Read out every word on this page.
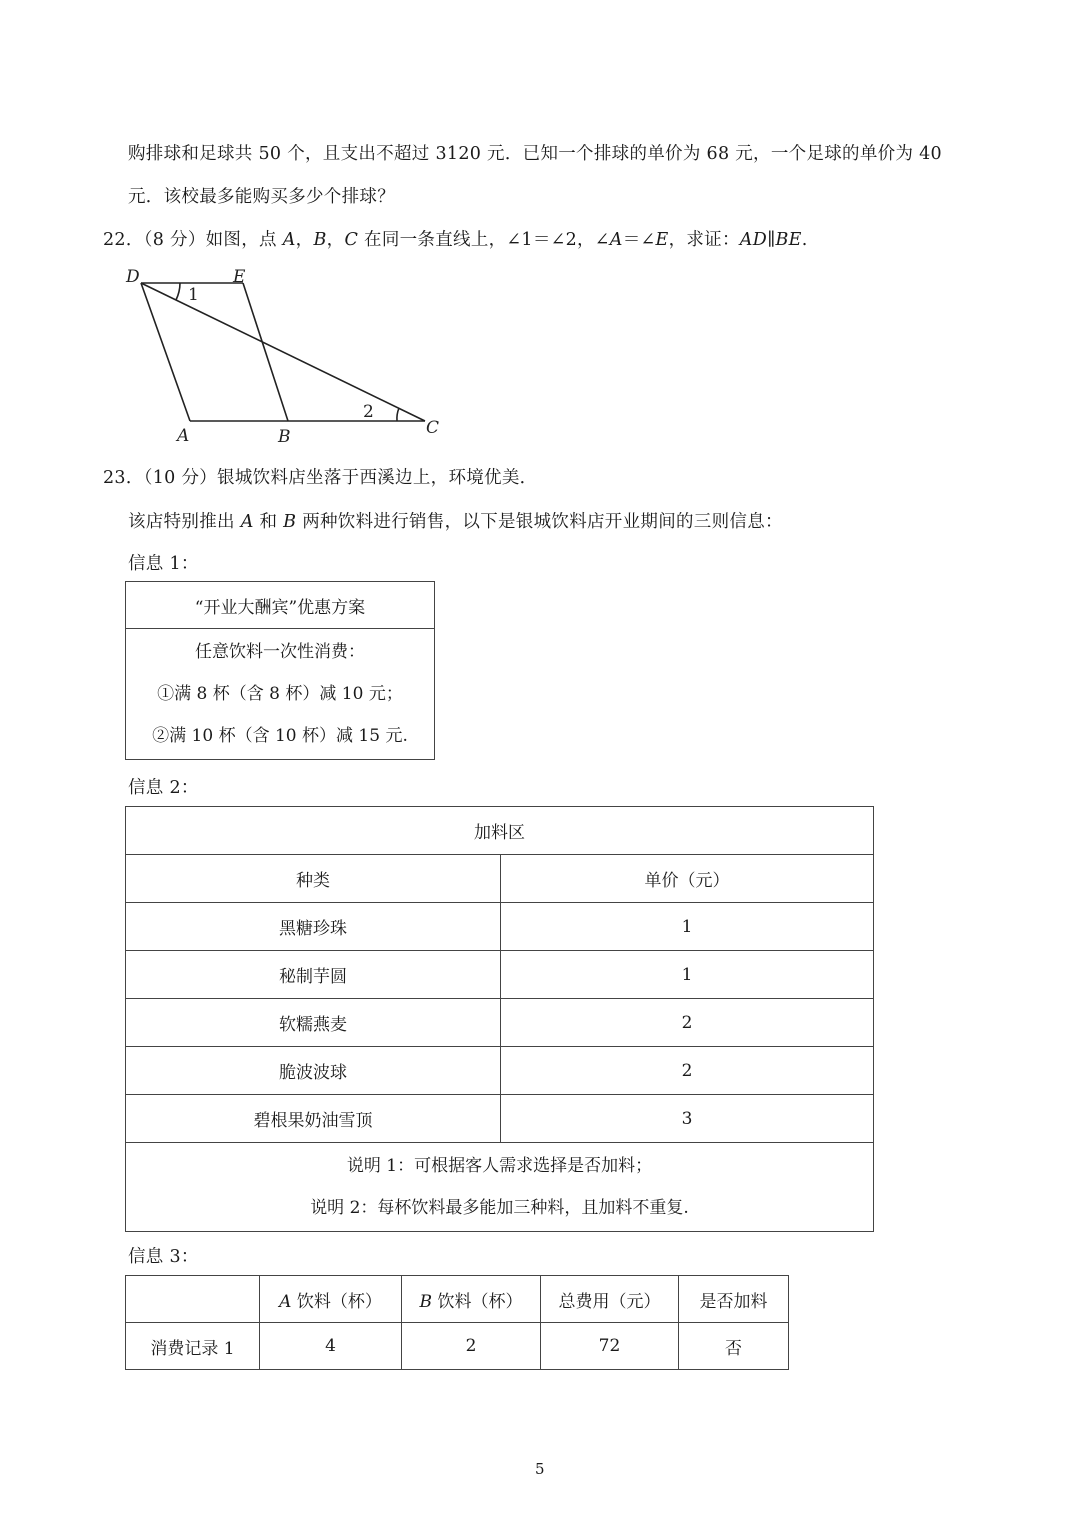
购排球和足球共 50 个，且支出不超过 3120 元．已知一个排球的单价为 68 元，一个足球的单价为 40
元．该校最多能购买多少个排球？
22．（8 分）如图，点 A，B，C 在同一条直线上，∠1＝∠2，∠A＝∠E，求证：AD∥BE.
D	E
A	B	C
1
2
23．（10 分）银城饮料店坐落于西溪边上，环境优美．
该店特别推出 A 和 B 两种饮料进行销售，以下是银城饮料店开业期间的三则信息：
信息 1：
“开业大酬宾”优惠方案

任意饮料一次性消费：
①满 8 杯（含 8 杯）减 10 元；
②满 10 杯（含 10 杯）减 15 元.
信息 2：
加料区	
种类	单价（元）
黑糖珍珠	1
秘制芋圆	1
软糯燕麦	2
脆波波球	2
碧根果奶油雪顶	3

说明 1：可根据客人需求选择是否加料；
说明 2：每杯饮料最多能加三种料，且加料不重复.	
信息 3：
	A 饮料（杯）	B 饮料（杯）	总费用（元）	是否加料
消费记录 1	4	2	72	否
5
